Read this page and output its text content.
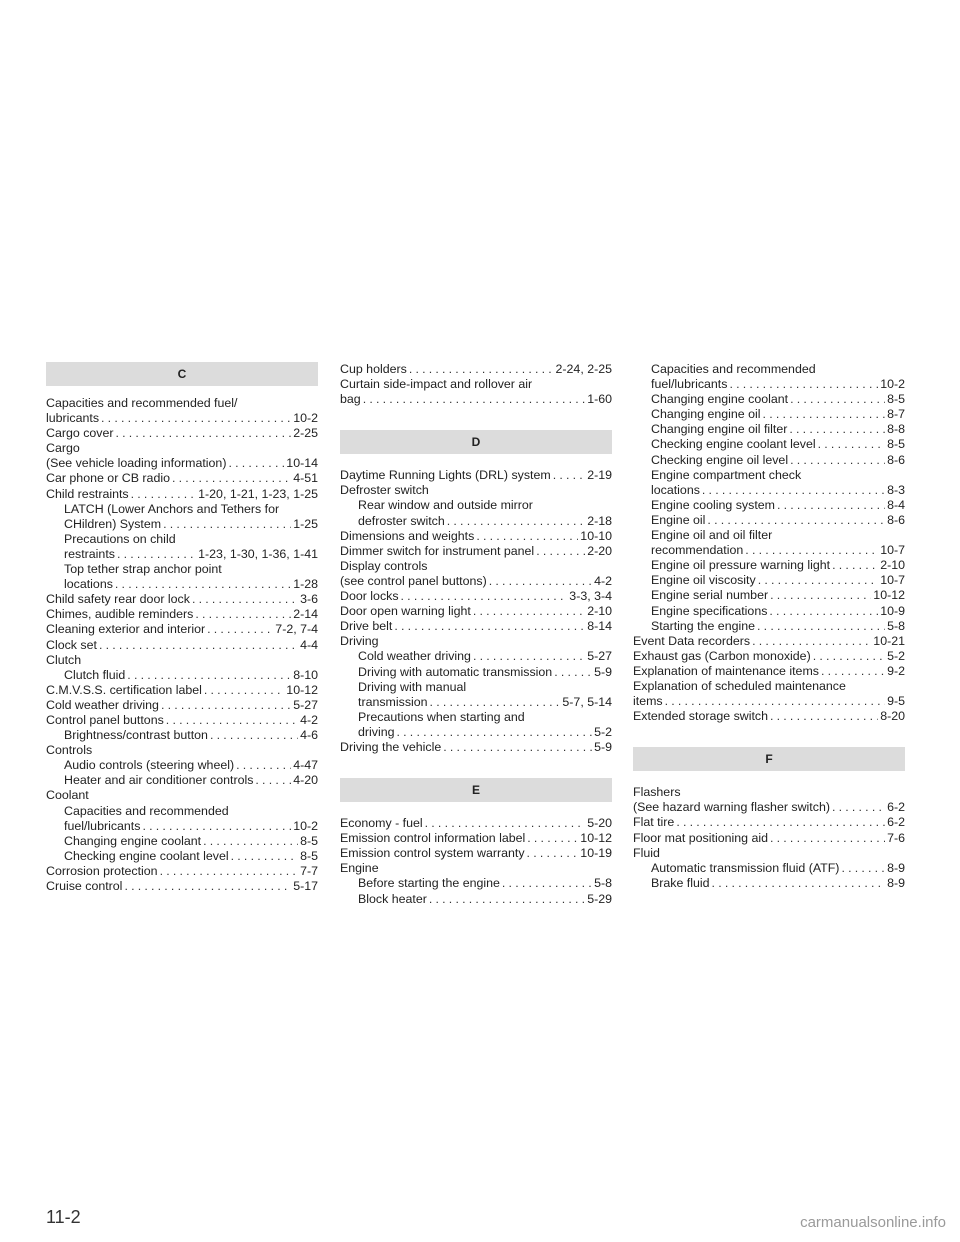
C
Capacities and recommended fuel/
lubricants .....	10-2
Cargo cover .....	2-25
Cargo
(See vehicle loading information) .....	10-14
Car phone or CB radio .....	4-51
Child restraints .....	1-20, 1-21, 1-23, 1-25
LATCH (Lower Anchors and Tethers for
CHildren) System .....	1-25
Precautions on child
restraints .....	1-23, 1-30, 1-36, 1-41
Top tether strap anchor point
locations .....	1-28
Child safety rear door lock .....	3-6
Chimes, audible reminders .....	2-14
Cleaning exterior and interior .....	7-2, 7-4
Clock set .....	4-4
Clutch
Clutch fluid .....	8-10
C.M.V.S.S. certification label .....	10-12
Cold weather driving .....	5-27
Control panel buttons .....	4-2
Brightness/contrast button .....	4-6
Controls
Audio controls (steering wheel) .....	4-47
Heater and air conditioner controls .....	4-20
Coolant
Capacities and recommended
fuel/lubricants .....	10-2
Changing engine coolant .....	8-5
Checking engine coolant level .....	8-5
Corrosion protection .....	7-7
Cruise control .....	5-17
Cup holders .....	2-24, 2-25
Curtain side-impact and rollover air
bag .....	1-60
D
Daytime Running Lights (DRL) system .....	2-19
Defroster switch
Rear window and outside mirror
defroster switch .....	2-18
Dimensions and weights .....	10-10
Dimmer switch for instrument panel .....	2-20
Display controls
(see control panel buttons) .....	4-2
Door locks .....	3-3, 3-4
Door open warning light .....	2-10
Drive belt .....	8-14
Driving
Cold weather driving .....	5-27
Driving with automatic transmission .....	5-9
Driving with manual
transmission .....	5-7, 5-14
Precautions when starting and
driving .....	5-2
Driving the vehicle .....	5-9
E
Economy - fuel .....	5-20
Emission control information label .....	10-12
Emission control system warranty .....	10-19
Engine
Before starting the engine .....	5-8
Block heater .....	5-29
Capacities and recommended
fuel/lubricants .....	10-2
Changing engine coolant .....	8-5
Changing engine oil .....	8-7
Changing engine oil filter .....	8-8
Checking engine coolant level .....	8-5
Checking engine oil level .....	8-6
Engine compartment check
locations .....	8-3
Engine cooling system .....	8-4
Engine oil .....	8-6
Engine oil and oil filter
recommendation .....	10-7
Engine oil pressure warning light .....	2-10
Engine oil viscosity .....	10-7
Engine serial number .....	10-12
Engine specifications .....	10-9
Starting the engine .....	5-8
Event Data recorders .....	10-21
Exhaust gas (Carbon monoxide) .....	5-2
Explanation of maintenance items .....	9-2
Explanation of scheduled maintenance
items .....	9-5
Extended storage switch .....	8-20
F
Flashers
(See hazard warning flasher switch) .....	6-2
Flat tire .....	6-2
Floor mat positioning aid .....	7-6
Fluid
Automatic transmission fluid (ATF) .....	8-9
Brake fluid .....	8-9
11-2	carmanualsonline.info
